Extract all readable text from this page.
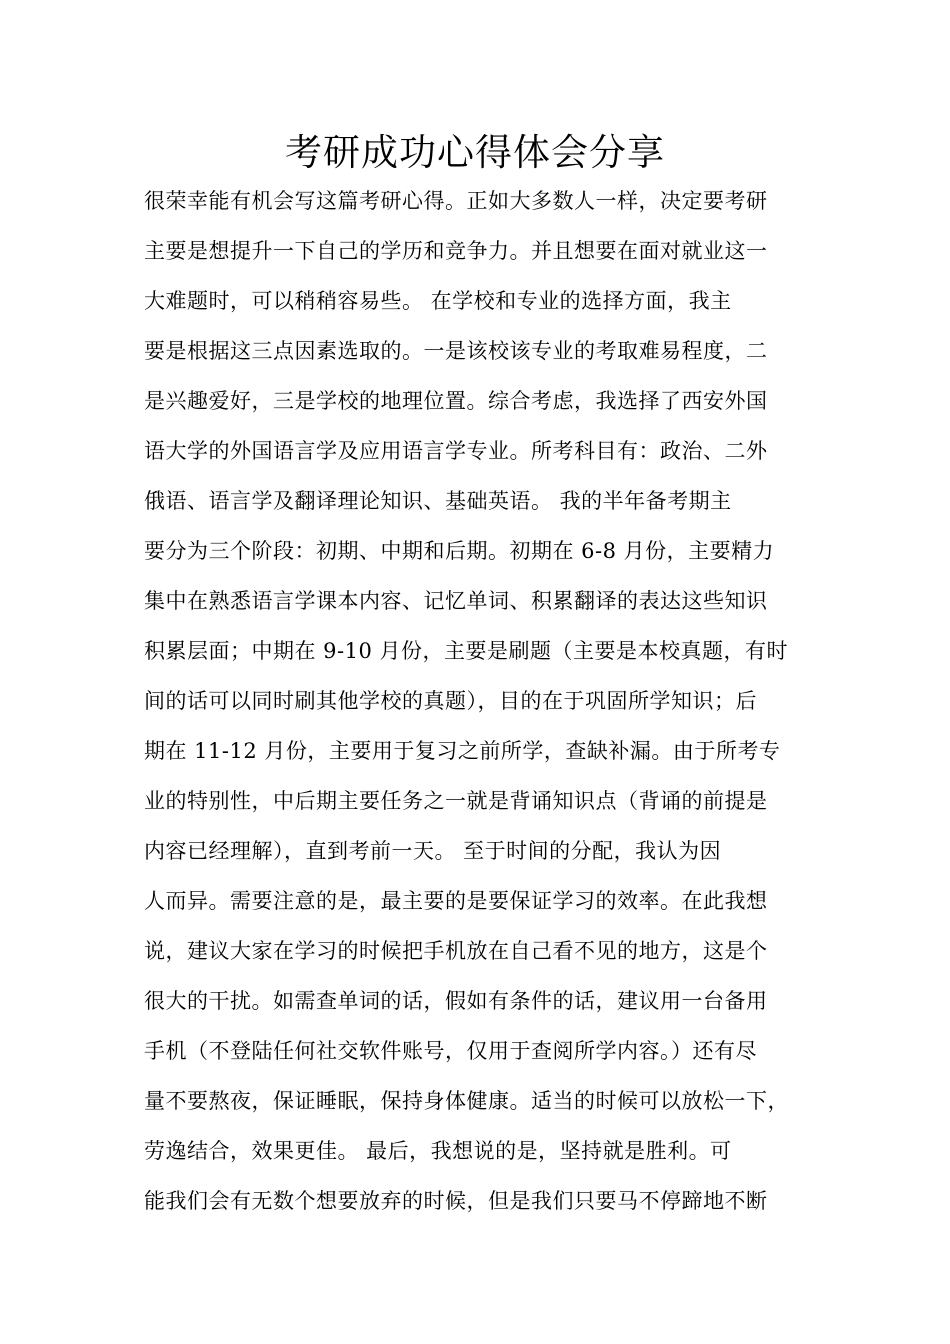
考研成功心得体会分享
很荣幸能有机会写这篇考研心得。正如大多数人一样，决定要考研
主要是想提升一下自己的学历和竞争力。并且想要在面对就业这一
大难题时，可以稍稍容易些。 在学校和专业的选择方面，我主
要是根据这三点因素选取的。一是该校该专业的考取难易程度，二
是兴趣爱好，三是学校的地理位置。综合考虑，我选择了西安外国
语大学的外国语言学及应用语言学专业。所考科目有：政治、二外
俄语、语言学及翻译理论知识、基础英语。 我的半年备考期主
要分为三个阶段：初期、中期和后期。初期在 6-8 月份，主要精力
集中在熟悉语言学课本内容、记忆单词、积累翻译的表达这些知识
积累层面；中期在 9-10 月份，主要是刷题（主要是本校真题，有时
间的话可以同时刷其他学校的真题），目的在于巩固所学知识；后
期在 11-12 月份，主要用于复习之前所学，查缺补漏。由于所考专
业的特别性，中后期主要任务之一就是背诵知识点（背诵的前提是
内容已经理解），直到考前一天。 至于时间的分配，我认为因
人而异。需要注意的是，最主要的是要保证学习的效率。在此我想
说，建议大家在学习的时候把手机放在自己看不见的地方，这是个
很大的干扰。如需查单词的话，假如有条件的话，建议用一台备用
手机（不登陆任何社交软件账号，仅用于查阅所学内容。）还有尽
量不要熬夜，保证睡眠，保持身体健康。适当的时候可以放松一下，
劳逸结合，效果更佳。 最后，我想说的是，坚持就是胜利。可
能我们会有无数个想要放弃的时候，但是我们只要马不停蹄地不断
